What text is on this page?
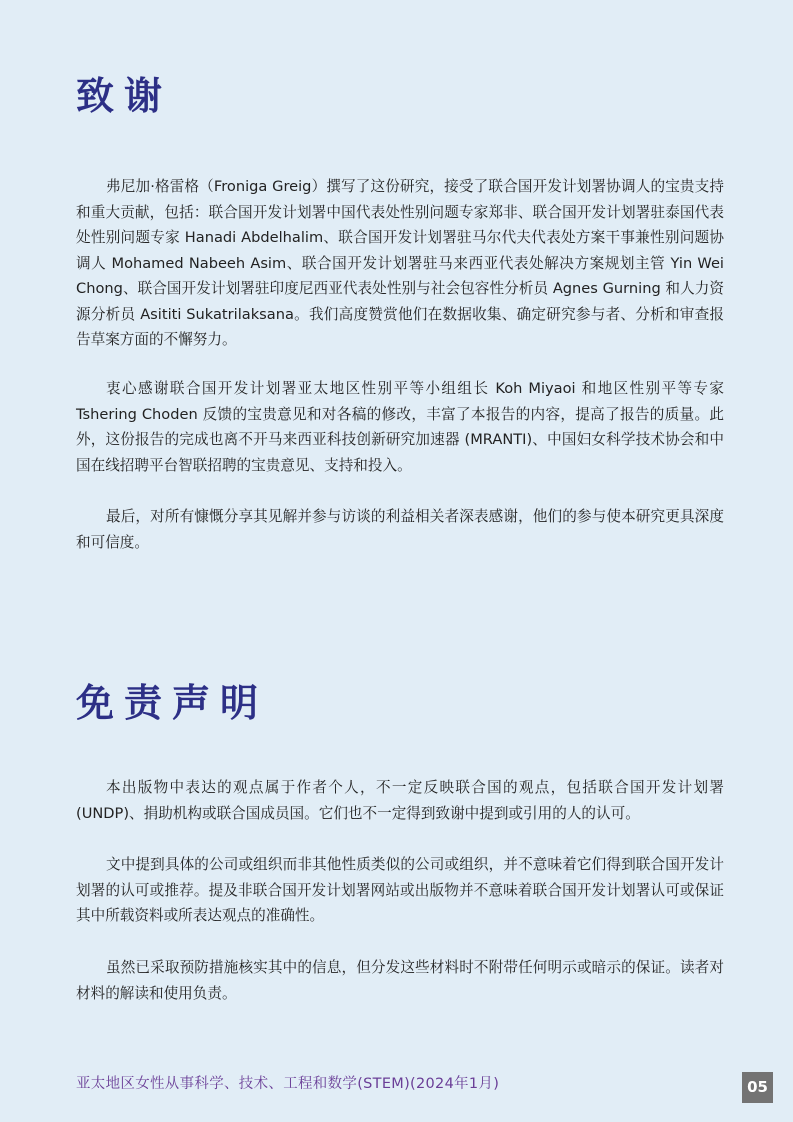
致谢

弗尼加·格雷格（Froniga Greig）撰写了这份研究，接受了联合国开发计划署协调人的宝贵支持和重大贡献，包括：联合国开发计划署中国代表处性别问题专家郑非、联合国开发计划署驻泰国代表处性别问题专家 Hanadi Abdelhalim、联合国开发计划署驻马尔代夫代表处方案干事兼性别问题协调人 Mohamed Nabeeh Asim、联合国开发计划署驻马来西亚代表处解决方案规划主管 Yin Wei Chong、联合国开发计划署驻印度尼西亚代表处性别与社会包容性分析员 Agnes Gurning 和人力资源分析员 Asititi Sukatrilaksana。我们高度赞赏他们在数据收集、确定研究参与者、分析和审查报告草案方面的不懈努力。

衷心感谢联合国开发计划署亚太地区性别平等小组组长 Koh Miyaoi 和地区性别平等专家 Tshering Choden 反馈的宝贵意见和对各稿的修改，丰富了本报告的内容，提高了报告的质量。此外，这份报告的完成也离不开马来西亚科技创新研究加速器 (MRANTI)、中国妇女科学技术协会和中国在线招聘平台智联招聘的宝贵意见、支持和投入。

最后，对所有慷慨分享其见解并参与访谈的利益相关者深表感谢，他们的参与使本研究更具深度和可信度。

免责声明

本出版物中表达的观点属于作者个人，不一定反映联合国的观点，包括联合国开发计划署 (UNDP)、捐助机构或联合国成员国。它们也不一定得到致谢中提到或引用的人的认可。

文中提到具体的公司或组织而非其他性质类似的公司或组织，并不意味着它们得到联合国开发计划署的认可或推荐。提及非联合国开发计划署网站或出版物并不意味着联合国开发计划署认可或保证其中所载资料或所表达观点的准确性。

虽然已采取预防措施核实其中的信息，但分发这些材料时不附带任何明示或暗示的保证。读者对材料的解读和使用负责。

亚太地区女性从事科学、技术、工程和数学(STEM)(2024年1月)	05
